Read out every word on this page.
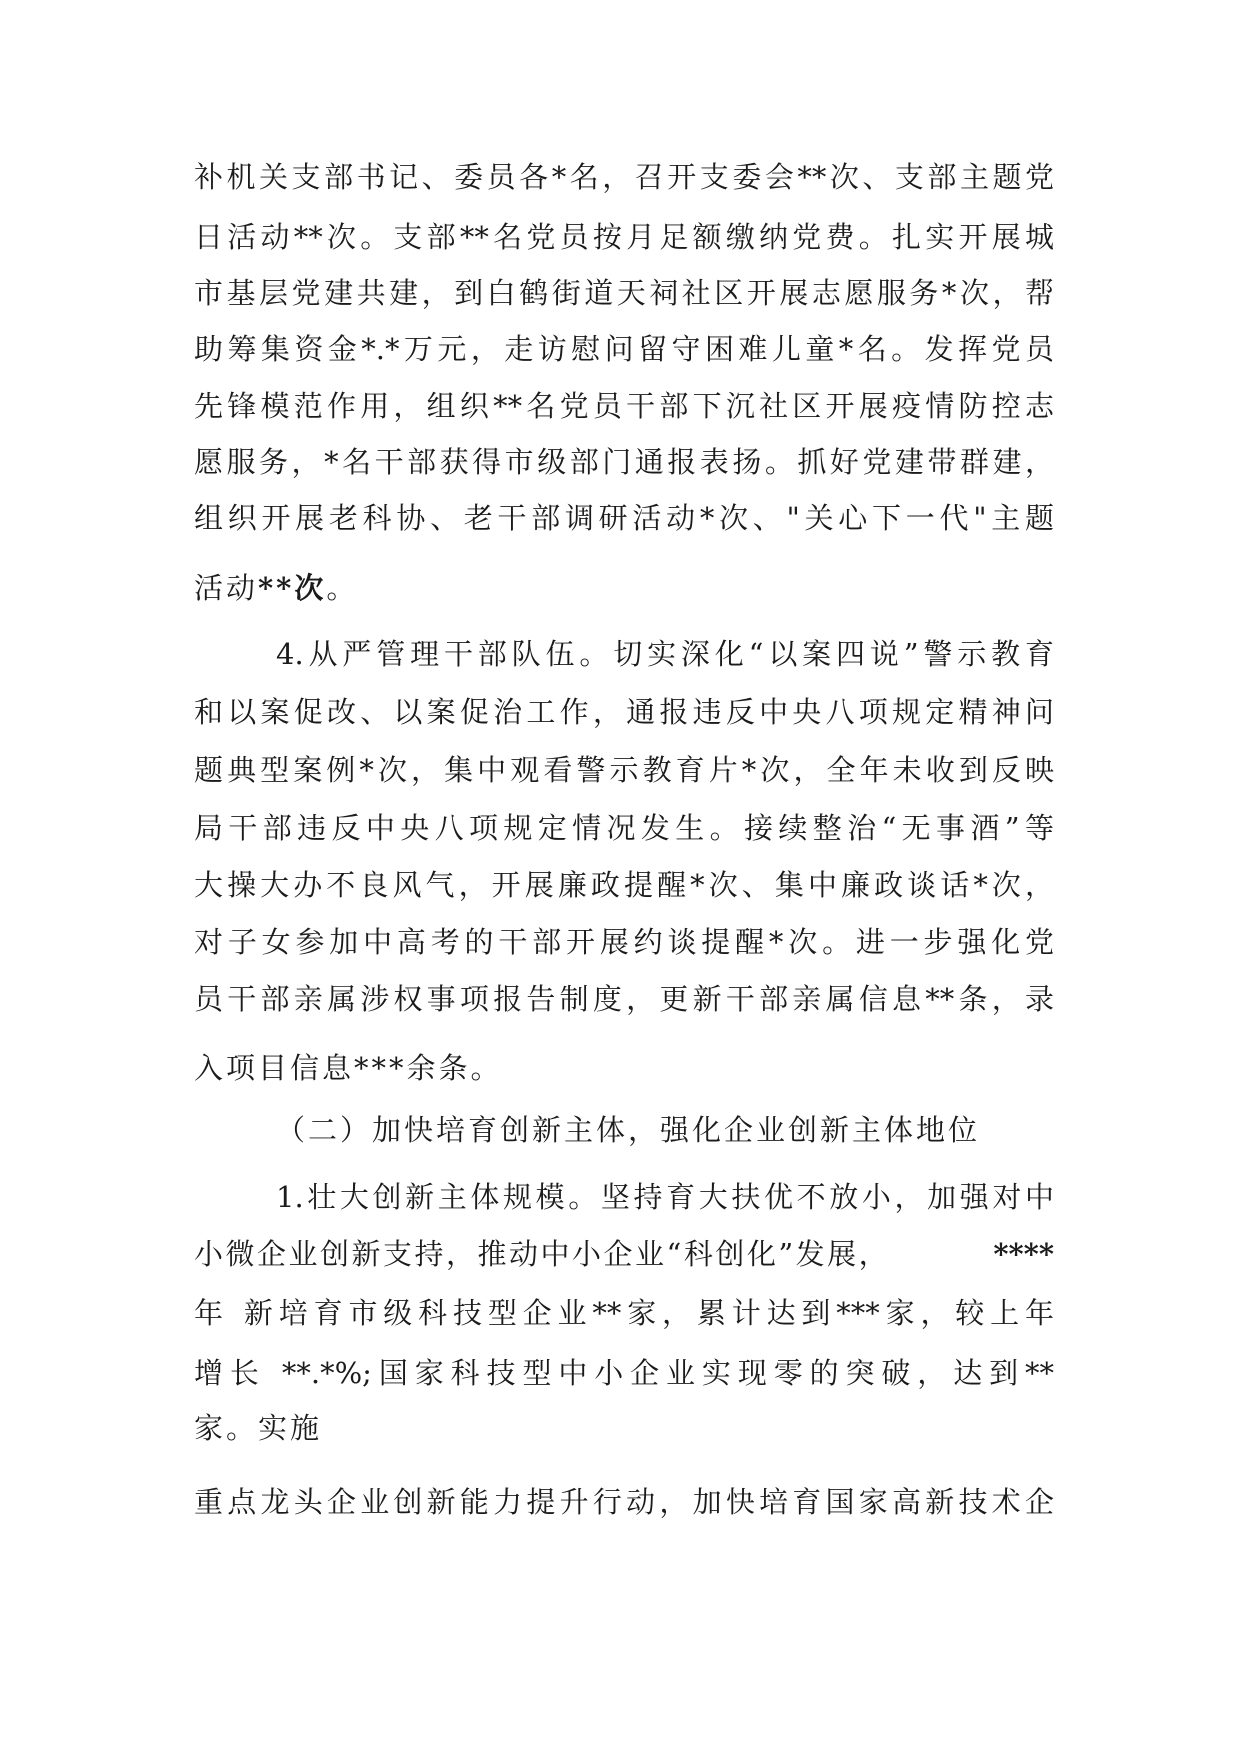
补机关支部书记、委员各*名，召开支委会**次、支部主题党
日活动**次。支部**名党员按月足额缴纳党费。扎实开展城
市基层党建共建，到白鹤街道天祠社区开展志愿服务*次，帮
助筹集资金*.*万元，走访慰问留守困难儿童*名。发挥党员
先锋模范作用，组织**名党员干部下沉社区开展疫情防控志
愿服务，*名干部获得市级部门通报表扬。抓好党建带群建，
组织开展老科协、老干部调研活动*次、"关心下一代"主题
活动**次。
4.从严管理干部队伍。切实深化“以案四说”警示教育
和以案促改、以案促治工作，通报违反中央八项规定精神问
题典型案例*次，集中观看警示教育片*次，全年未收到反映
局干部违反中央八项规定情况发生。接续整治“无事酒”等
大操大办不良风气，开展廉政提醒*次、集中廉政谈话*次，
对子女参加中高考的干部开展约谈提醒*次。进一步强化党
员干部亲属涉权事项报告制度，更新干部亲属信息**条，录
入项目信息***余条。
（二）加快培育创新主体，强化企业创新主体地位
1.壮大创新主体规模。坚持育大扶优不放小，加强对中
小微企业创新支持，推动中小企业“科创化”发展，	****
年 新培育市级科技型企业**家，累计达到***家，较上年
增长 **.*%;国家科技型中小企业实现零的突破，达到**
家。实施
重点龙头企业创新能力提升行动，加快培育国家高新技术企
